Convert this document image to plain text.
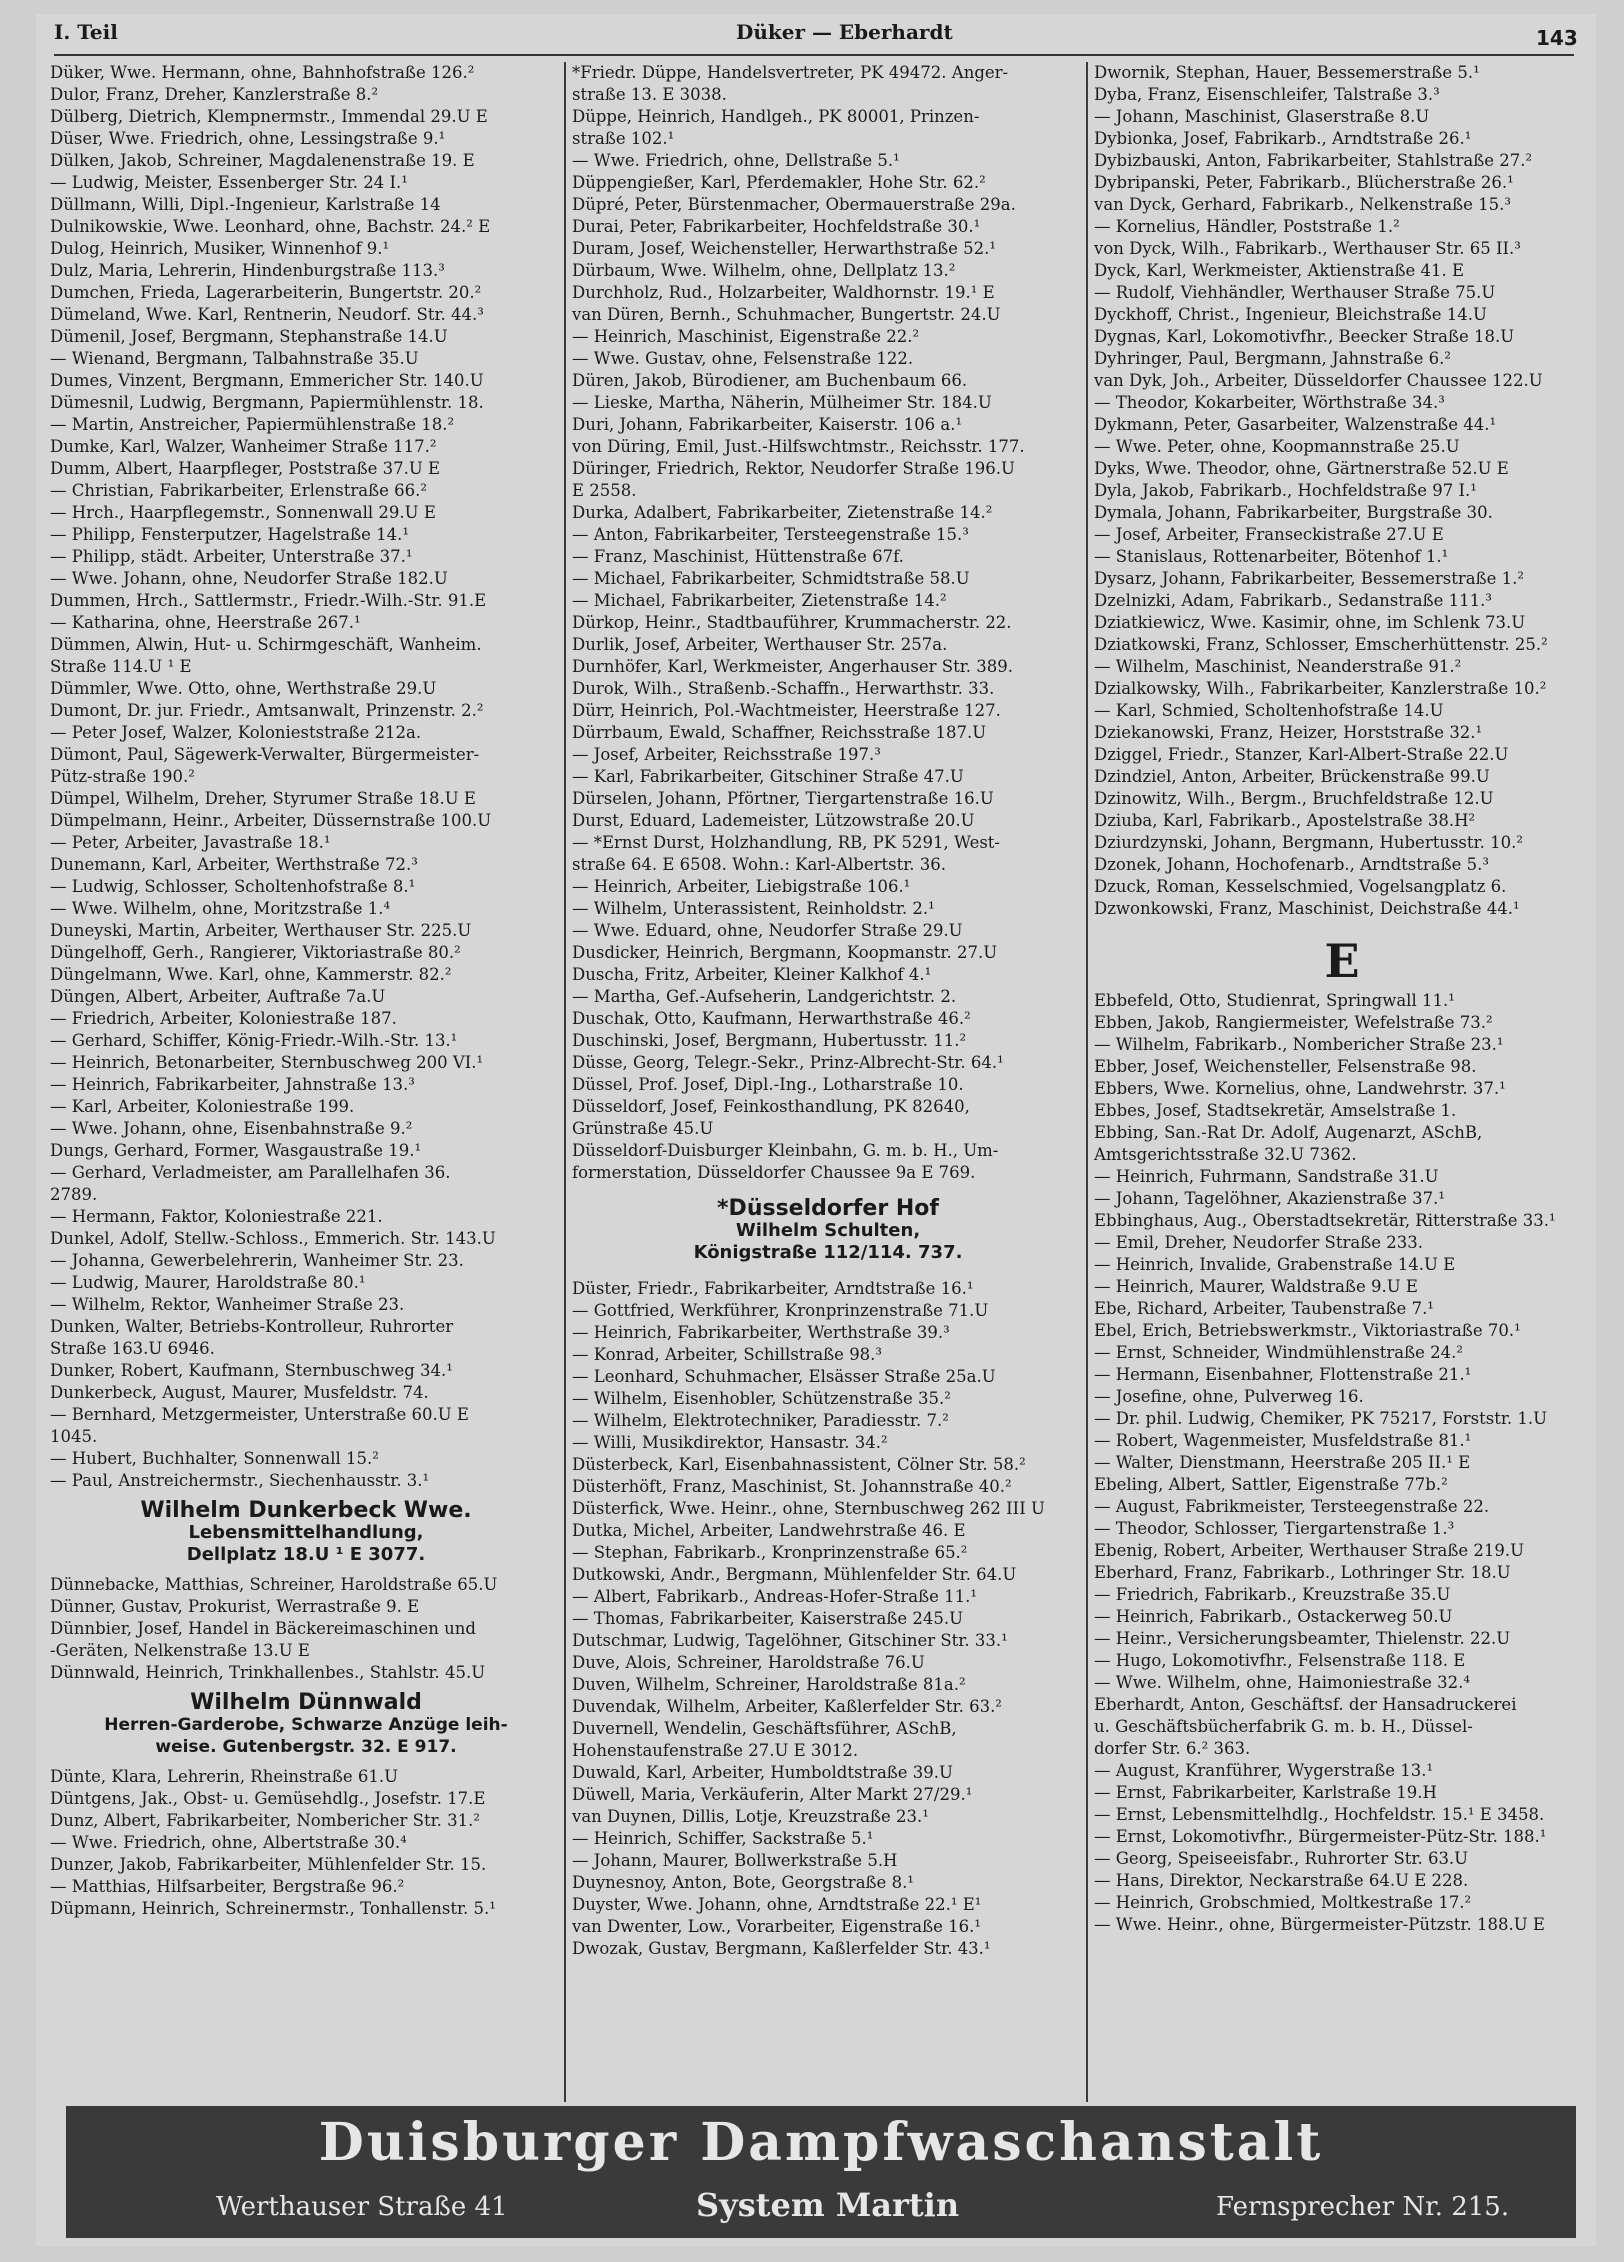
I. Teil	Düker — Eberhardt	143
Düker, Wwe. Hermann, ohne, Bahnhofstraße 126.²
Dulor, Franz, Dreher, Kanzlerstraße 8.²
Dülberg, Dietrich, Klempnermstr., Immendal 29.U E
Düser, Wwe. Friedrich, ohne, Lessingstraße 9.¹
Dülken, Jakob, Schreiner, Magdalenenstraße 19. E
— Ludwig, Meister, Essenberger Str. 24 I.¹
Düllmann, Willi, Dipl.-Ingenieur, Karlstraße 14
Dulnikowskie, Wwe. Leonhard, ohne, Bachstr. 24.² E
Dulog, Heinrich, Musiker, Winnenhof 9.¹
Dulz, Maria, Lehrerin, Hindenburgstraße 113.³
Dumchen, Frieda, Lagerarbeiterin, Bungertstr. 20.²
Dümeland, Wwe. Karl, Rentnerin, Neudorf. Str. 44.³
Dümenil, Josef, Bergmann, Stephanstraße 14.U
— Wienand, Bergmann, Talbahnstraße 35.U
Dumes, Vinzent, Bergmann, Emmericher Str. 140.U
Dümesnil, Ludwig, Bergmann, Papiermühlenstr. 18.
— Martin, Anstreicher, Papiermühlenstraße 18.²
Dumke, Karl, Walzer, Wanheimer Straße 117.²
Dumm, Albert, Haarpfleger, Poststraße 37.U E
— Christian, Fabrikarbeiter, Erlenstraße 66.²
— Hrch., Haarpflegemstr., Sonnenwall 29.U E
— Philipp, Fensterputzer, Hagelstraße 14.¹
— Philipp, städt. Arbeiter, Unterstraße 37.¹
— Wwe. Johann, ohne, Neudorfer Straße 182.U
Dummen, Hrch., Sattlermstr., Friedr.-Wilh.-Str. 91.E
— Katharina, ohne, Heerstraße 267.¹
Dümmen, Alwin, Hut- u. Schirmgeschäft, Wanheim.
Straße 114.U ¹ E
Dümmler, Wwe. Otto, ohne, Werthstraße 29.U
Dumont, Dr. jur. Friedr., Amtsanwalt, Prinzenstr. 2.²
— Peter Josef, Walzer, Kolonieststraße 212a.
Dümont, Paul, Sägewerk-Verwalter, Bürgermeister-
Pütz-straße 190.²
Dümpel, Wilhelm, Dreher, Styrumer Straße 18.U E
Dümpelmann, Heinr., Arbeiter, Düssernstraße 100.U
— Peter, Arbeiter, Javastraße 18.¹
Dunemann, Karl, Arbeiter, Werthstraße 72.³
— Ludwig, Schlosser, Scholtenhofstraße 8.¹
— Wwe. Wilhelm, ohne, Moritzstraße 1.⁴
Duneyski, Martin, Arbeiter, Werthauser Str. 225.U
Düngelhoff, Gerh., Rangierer, Viktoriastraße 80.²
Düngelmann, Wwe. Karl, ohne, Kammerstr. 82.²
Düngen, Albert, Arbeiter, Auftraße 7a.U
— Friedrich, Arbeiter, Koloniestraße 187.
— Gerhard, Schiffer, König-Friedr.-Wilh.-Str. 13.¹
— Heinrich, Betonarbeiter, Sternbuschweg 200 VI.¹
— Heinrich, Fabrikarbeiter, Jahnstraße 13.³
— Karl, Arbeiter, Koloniestraße 199.
— Wwe. Johann, ohne, Eisenbahnstraße 9.²
Dungs, Gerhard, Former, Wasgaustraße 19.¹
— Gerhard, Verladmeister, am Parallelhafen 36.
2789.
— Hermann, Faktor, Koloniestraße 221.
Dunkel, Adolf, Stellw.-Schloss., Emmerich. Str. 143.U
— Johanna, Gewerbelehrerin, Wanheimer Str. 23.
— Ludwig, Maurer, Haroldstraße 80.¹
— Wilhelm, Rektor, Wanheimer Straße 23.
Dunken, Walter, Betriebs-Kontrolleur, Ruhrorter
Straße 163.U 6946.
Dunker, Robert, Kaufmann, Sternbuschweg 34.¹
Dunkerbeck, August, Maurer, Musfeldstr. 74.
— Bernhard, Metzgermeister, Unterstraße 60.U E
1045.
— Hubert, Buchhalter, Sonnenwall 15.²
— Paul, Anstreichermstr., Siechenhausstr. 3.¹
Wilhelm Dunkerbeck Wwe.
Lebensmittelhandlung,
Dellplatz 18.U ¹ E 3077.
Dünnebacke, Matthias, Schreiner, Haroldstraße 65.U
Dünner, Gustav, Prokurist, Werrastraße 9. E
Dünnbier, Josef, Handel in Bäckereimaschinen und
-Geräten, Nelkenstraße 13.U E
Dünnwald, Heinrich, Trinkhallenbes., Stahlstr. 45.U
Wilhelm Dünnwald
Herren-Garderobe, Schwarze Anzüge leih-
weise. Gutenbergstr. 32. E 917.
Dünte, Klara, Lehrerin, Rheinstraße 61.U
Düntgens, Jak., Obst- u. Gemüsehdlg., Josefstr. 17.E
Dunz, Albert, Fabrikarbeiter, Nombericher Str. 31.²
— Wwe. Friedrich, ohne, Albertstraße 30.⁴
Dunzer, Jakob, Fabrikarbeiter, Mühlenfelder Str. 15.
— Matthias, Hilfsarbeiter, Bergstraße 96.²
Düpmann, Heinrich, Schreinermstr., Tonhallenstr. 5.¹
*Friedr. Düppe, Handelsvertreter, PK 49472. Anger-
straße 13. E 3038.
Düppe, Heinrich, Handlgeh., PK 80001, Prinzen-
straße 102.¹
— Wwe. Friedrich, ohne, Dellstraße 5.¹
Düppengießer, Karl, Pferdemakler, Hohe Str. 62.²
Düpré, Peter, Bürstenmacher, Obermauerstraße 29a.
Durai, Peter, Fabrikarbeiter, Hochfeldstraße 30.¹
Duram, Josef, Weichensteller, Herwarthstraße 52.¹
Dürbaum, Wwe. Wilhelm, ohne, Dellplatz 13.²
Durchholz, Rud., Holzarbeiter, Waldhornstr. 19.¹ E
van Düren, Bernh., Schuhmacher, Bungertstr. 24.U
— Heinrich, Maschinist, Eigenstraße 22.²
— Wwe. Gustav, ohne, Felsenstraße 122.
Düren, Jakob, Bürodiener, am Buchenbaum 66.
— Lieske, Martha, Näherin, Mülheimer Str. 184.U
Duri, Johann, Fabrikarbeiter, Kaiserstr. 106 a.¹
von Düring, Emil, Just.-Hilfswchtmstr., Reichsstr. 177.
Düringer, Friedrich, Rektor, Neudorfer Straße 196.U
E 2558.
Durka, Adalbert, Fabrikarbeiter, Zietenstraße 14.²
— Anton, Fabrikarbeiter, Tersteegenstraße 15.³
— Franz, Maschinist, Hüttenstraße 67f.
— Michael, Fabrikarbeiter, Schmidtstraße 58.U
— Michael, Fabrikarbeiter, Zietenstraße 14.²
Dürkop, Heinr., Stadtbauführer, Krummacherstr. 22.
Durlik, Josef, Arbeiter, Werthauser Str. 257a.
Durnhöfer, Karl, Werkmeister, Angerhauser Str. 389.
Durok, Wilh., Straßenb.-Schaffn., Herwarthstr. 33.
Dürr, Heinrich, Pol.-Wachtmeister, Heerstraße 127.
Dürrbaum, Ewald, Schaffner, Reichsstraße 187.U
— Josef, Arbeiter, Reichsstraße 197.³
— Karl, Fabrikarbeiter, Gitschiner Straße 47.U
Dürselen, Johann, Pförtner, Tiergartenstraße 16.U
Durst, Eduard, Lademeister, Lützowstraße 20.U
— *Ernst Durst, Holzhandlung, RB, PK 5291, West-
straße 64. E 6508. Wohn.: Karl-Albertstr. 36.
— Heinrich, Arbeiter, Liebigstraße 106.¹
— Wilhelm, Unterassistent, Reinholdstr. 2.¹
— Wwe. Eduard, ohne, Neudorfer Straße 29.U
Dusdicker, Heinrich, Bergmann, Koopmanstr. 27.U
Duscha, Fritz, Arbeiter, Kleiner Kalkhof 4.¹
— Martha, Gef.-Aufseherin, Landgerichtstr. 2.
Duschak, Otto, Kaufmann, Herwarthstraße 46.²
Duschinski, Josef, Bergmann, Hubertusstr. 11.²
Düsse, Georg, Telegr.-Sekr., Prinz-Albrecht-Str. 64.¹
Düssel, Prof. Josef, Dipl.-Ing., Lotharstraße 10.
Düsseldorf, Josef, Feinkosthandlung, PK 82640,
Grünstraße 45.U
Düsseldorf-Duisburger Kleinbahn, G. m. b. H., Um-
formerstation, Düsseldorfer Chaussee 9a E 769.
*Düsseldorfer Hof
Wilhelm Schulten,
Königstraße 112/114. 737.
Düster, Friedr., Fabrikarbeiter, Arndtstraße 16.¹
— Gottfried, Werkführer, Kronprinzenstraße 71.U
— Heinrich, Fabrikarbeiter, Werthstraße 39.³
— Konrad, Arbeiter, Schillstraße 98.³
— Leonhard, Schuhmacher, Elsässer Straße 25a.U
— Wilhelm, Eisenhobler, Schützenstraße 35.²
— Wilhelm, Elektrotechniker, Paradiesstr. 7.²
— Willi, Musikdirektor, Hansastr. 34.²
Düsterbeck, Karl, Eisenbahnassistent, Cölner Str. 58.²
Düsterhöft, Franz, Maschinist, St. Johannstraße 40.²
Düsterfick, Wwe. Heinr., ohne, Sternbuschweg 262 III U
Dutka, Michel, Arbeiter, Landwehrstraße 46. E
— Stephan, Fabrikarb., Kronprinzenstraße 65.²
Dutkowski, Andr., Bergmann, Mühlenfelder Str. 64.U
— Albert, Fabrikarb., Andreas-Hofer-Straße 11.¹
— Thomas, Fabrikarbeiter, Kaiserstraße 245.U
Dutschmar, Ludwig, Tagelöhner, Gitschiner Str. 33.¹
Duve, Alois, Schreiner, Haroldstraße 76.U
Duven, Wilhelm, Schreiner, Haroldstraße 81a.²
Duvendak, Wilhelm, Arbeiter, Kaßlerfelder Str. 63.²
Duvernell, Wendelin, Geschäftsführer, ASchB,
Hohenstaufenstraße 27.U E 3012.
Duwald, Karl, Arbeiter, Humboldtstraße 39.U
Düwell, Maria, Verkäuferin, Alter Markt 27/29.¹
van Duynen, Dillis, Lotje, Kreuzstraße 23.¹
— Heinrich, Schiffer, Sackstraße 5.¹
— Johann, Maurer, Bollwerkstraße 5.H
Duynesnoy, Anton, Bote, Georgstraße 8.¹
Duyster, Wwe. Johann, ohne, Arndtstraße 22.¹ E¹
van Dwenter, Low., Vorarbeiter, Eigenstraße 16.¹
Dwozak, Gustav, Bergmann, Kaßlerfelder Str. 43.¹
Dwornik, Stephan, Hauer, Bessemerstraße 5.¹
Dyba, Franz, Eisenschleifer, Talstraße 3.³
— Johann, Maschinist, Glaserstraße 8.U
Dybionka, Josef, Fabrikarb., Arndtstraße 26.¹
Dybizbauski, Anton, Fabrikarbeiter, Stahlstraße 27.²
Dybripanski, Peter, Fabrikarb., Blücherstraße 26.¹
van Dyck, Gerhard, Fabrikarb., Nelkenstraße 15.³
— Kornelius, Händler, Poststraße 1.²
von Dyck, Wilh., Fabrikarb., Werthauser Str. 65 II.³
Dyck, Karl, Werkmeister, Aktienstraße 41. E
— Rudolf, Viehhändler, Werthauser Straße 75.U
Dyckhoff, Christ., Ingenieur, Bleichstraße 14.U
Dygnas, Karl, Lokomotivfhr., Beecker Straße 18.U
Dyhringer, Paul, Bergmann, Jahnstraße 6.²
van Dyk, Joh., Arbeiter, Düsseldorfer Chaussee 122.U
— Theodor, Kokarbeiter, Wörthstraße 34.³
Dykmann, Peter, Gasarbeiter, Walzenstraße 44.¹
— Wwe. Peter, ohne, Koopmannstraße 25.U
Dyks, Wwe. Theodor, ohne, Gärtnerstraße 52.U E
Dyla, Jakob, Fabrikarb., Hochfeldstraße 97 I.¹
Dymala, Johann, Fabrikarbeiter, Burgstraße 30.
— Josef, Arbeiter, Franseckistraße 27.U E
— Stanislaus, Rottenarbeiter, Bötenhof 1.¹
Dysarz, Johann, Fabrikarbeiter, Bessemerstraße 1.²
Dzelnizki, Adam, Fabrikarb., Sedanstraße 111.³
Dziatkiewicz, Wwe. Kasimir, ohne, im Schlenk 73.U
Dziatkowski, Franz, Schlosser, Emscherhüttenstr. 25.²
— Wilhelm, Maschinist, Neanderstraße 91.²
Dzialkowsky, Wilh., Fabrikarbeiter, Kanzlerstraße 10.²
— Karl, Schmied, Scholtenhofstraße 14.U
Dziekanowski, Franz, Heizer, Horststraße 32.¹
Dziggel, Friedr., Stanzer, Karl-Albert-Straße 22.U
Dzindziel, Anton, Arbeiter, Brückenstraße 99.U
Dzinowitz, Wilh., Bergm., Bruchfeldstraße 12.U
Dziuba, Karl, Fabrikarb., Apostelstraße 38.H²
Dziurdzynski, Johann, Bergmann, Hubertusstr. 10.²
Dzonek, Johann, Hochofenarb., Arndtstraße 5.³
Dzuck, Roman, Kesselschmied, Vogelsangplatz 6.
Dzwonkowski, Franz, Maschinist, Deichstraße 44.¹
E
Ebbefeld, Otto, Studienrat, Springwall 11.¹
Ebben, Jakob, Rangiermeister, Wefelstraße 73.²
— Wilhelm, Fabrikarb., Nombericher Straße 23.¹
Ebber, Josef, Weichensteller, Felsenstraße 98.
Ebbers, Wwe. Kornelius, ohne, Landwehrstr. 37.¹
Ebbes, Josef, Stadtsekretär, Amselstraße 1.
Ebbing, San.-Rat Dr. Adolf, Augenarzt, ASchB,
Amtsgerichtsstraße 32.U 7362.
— Heinrich, Fuhrmann, Sandstraße 31.U
— Johann, Tagelöhner, Akazienstraße 37.¹
Ebbinghaus, Aug., Oberstadtsekretär, Ritterstraße 33.¹
— Emil, Dreher, Neudorfer Straße 233.
— Heinrich, Invalide, Grabenstraße 14.U E
— Heinrich, Maurer, Waldstraße 9.U E
Ebe, Richard, Arbeiter, Taubenstraße 7.¹
Ebel, Erich, Betriebswerkmstr., Viktoriastraße 70.¹
— Ernst, Schneider, Windmühlenstraße 24.²
— Hermann, Eisenbahner, Flottenstraße 21.¹
— Josefine, ohne, Pulverweg 16.
— Dr. phil. Ludwig, Chemiker, PK 75217, Forststr. 1.U
— Robert, Wagenmeister, Musfeldstraße 81.¹
— Walter, Dienstmann, Heerstraße 205 II.¹ E
Ebeling, Albert, Sattler, Eigenstraße 77b.²
— August, Fabrikmeister, Tersteegenstraße 22.
— Theodor, Schlosser, Tiergartenstraße 1.³
Ebenig, Robert, Arbeiter, Werthauser Straße 219.U
Eberhard, Franz, Fabrikarb., Lothringer Str. 18.U
— Friedrich, Fabrikarb., Kreuzstraße 35.U
— Heinrich, Fabrikarb., Ostackerweg 50.U
— Heinr., Versicherungsbeamter, Thielenstr. 22.U
— Hugo, Lokomotivfhr., Felsenstraße 118. E
— Wwe. Wilhelm, ohne, Haimoniestraße 32.⁴
Eberhardt, Anton, Geschäftsf. der Hansadruckerei
u. Geschäftsbücherfabrik G. m. b. H., Düssel-
dorfer Str. 6.² 363.
— August, Kranführer, Wygerstraße 13.¹
— Ernst, Fabrikarbeiter, Karlstraße 19.H
— Ernst, Lebensmittelhdlg., Hochfeldstr. 15.¹ E 3458.
— Ernst, Lokomotivfhr., Bürgermeister-Pütz-Str. 188.¹
— Georg, Speiseeisfabr., Ruhrorter Str. 63.U
— Hans, Direktor, Neckarstraße 64.U E 228.
— Heinrich, Grobschmied, Moltkestraße 17.²
— Wwe. Heinr., ohne, Bürgermeister-Pützstr. 188.U E
Duisburger Dampfwaschanstalt
Werthauser Straße 41	System Martin	Fernsprecher Nr. 215.
